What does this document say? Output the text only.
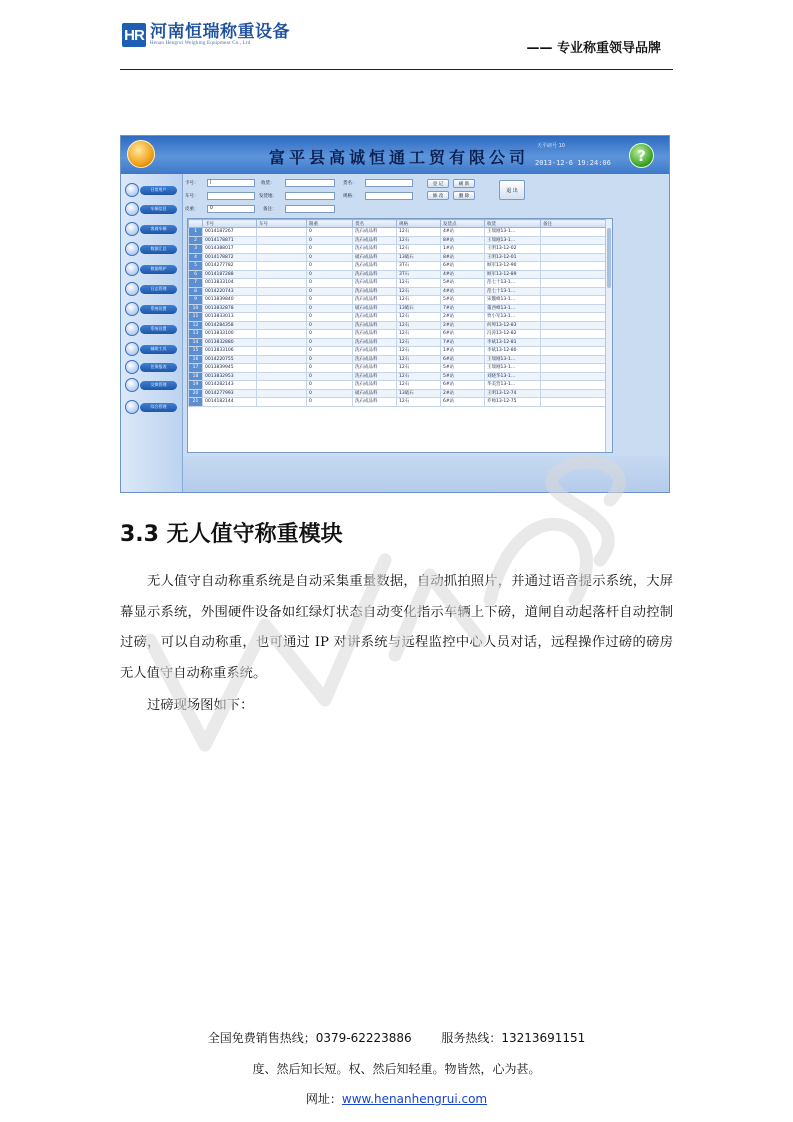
HR 河南恒瑞称重设备
Henan Hengrui Weighing Equipment Co., Ltd	—— 专业称重领导品牌
富平县高诚恒通工贸有限公司
天平磅号 10
2013-12-6 19:24:06	?
日常用户
车辆信息
客商车辆
数据汇总
数据维护
日志管理
系统设置
系统设置
辅助工具
任务报表
交换管理
综合管理
卡号：	|
车号：
皮重：	0
收货：
发货地：
备注：
货名：
规格：
登 记	刷 新
修 改	删 除
退 出
	卡号	车号	限重	货名	规格	发货点	收货	备注
1	0014187267		0	洗石成品料	12石	4#站	王瑞刚13-1…	
2	0014178871		0	洗石成品料	12石	8#站	王瑞刚13-1…	
3	0014388017		0	洗石成品料	12石	1#站	王明13-12-02	
4	0014178872		0	破石成品料	13破石	8#站	王明13-12-01	
5	0014277782		0	洗石成品料	3T石	6#站	顾军13-12-90	
6	0014187288		0	洗石成品料	3T石	4#站	顾军13-12-89	
7	0013833104		0	洗石成品料	12石	5#站	范七十13-1…	
8	0014220743		0	洗石成品料	12石	4#站	范七十13-1…	
9	0013839840		0	洗石成品料	12石	5#站	宋魏峰13-1…	
10	0013832878		0	破石成品料	13破石	7#站	董西峰13-1…	
11	0013833013		0	洗石成品料	12石	2#站	贾小军13-1…	
12	0014284358		0	洗石成品料	12石	2#站	何埠13-12-83	
13	0013833100		0	洗石成品料	12石	6#站	冯涛13-12-82	
14	0013832880		0	洗石成品料	12石	7#站	李斌13-12-81	
15	0013833106		0	洗石成品料	12石	1#站	李斌13-12-80	
16	0014220755		0	洗石成品料	12石	6#站	王瑞刚13-1…	
17	0013839945		0	洗石成品料	12石	5#站	王瑞刚13-1…	
18	0013832953		0	洗石成品料	12石	5#站	刘晓华13-1…	
19	0014282143		0	洗石成品料	12石	6#站	华美营13-1…	
20	0014277993		0	破石成品料	13破石	2#站	王明13-12-74	
21	0014182144		0	洗石成品料	12石	6#站	乔帅13-12-75	
3.3 无人值守称重模块
无人值守自动称重系统是自动采集重量数据，自动抓拍照片，并通过语音提示系统，大屏幕显示系统，外围硬件设备如红绿灯状态自动变化指示车辆上下磅，道闸自动起落杆自动控制过磅，可以自动称重，也可通过 IP 对讲系统与远程监控中心人员对话，远程操作过磅的磅房无人值守自动称重系统。
过磅现场图如下：
全国免费销售热线；0379-62223886 服务热线：13213691151
度、然后知长短。权、然后知轻重。物皆然，心为甚。
网址：www.henanhengrui.com
